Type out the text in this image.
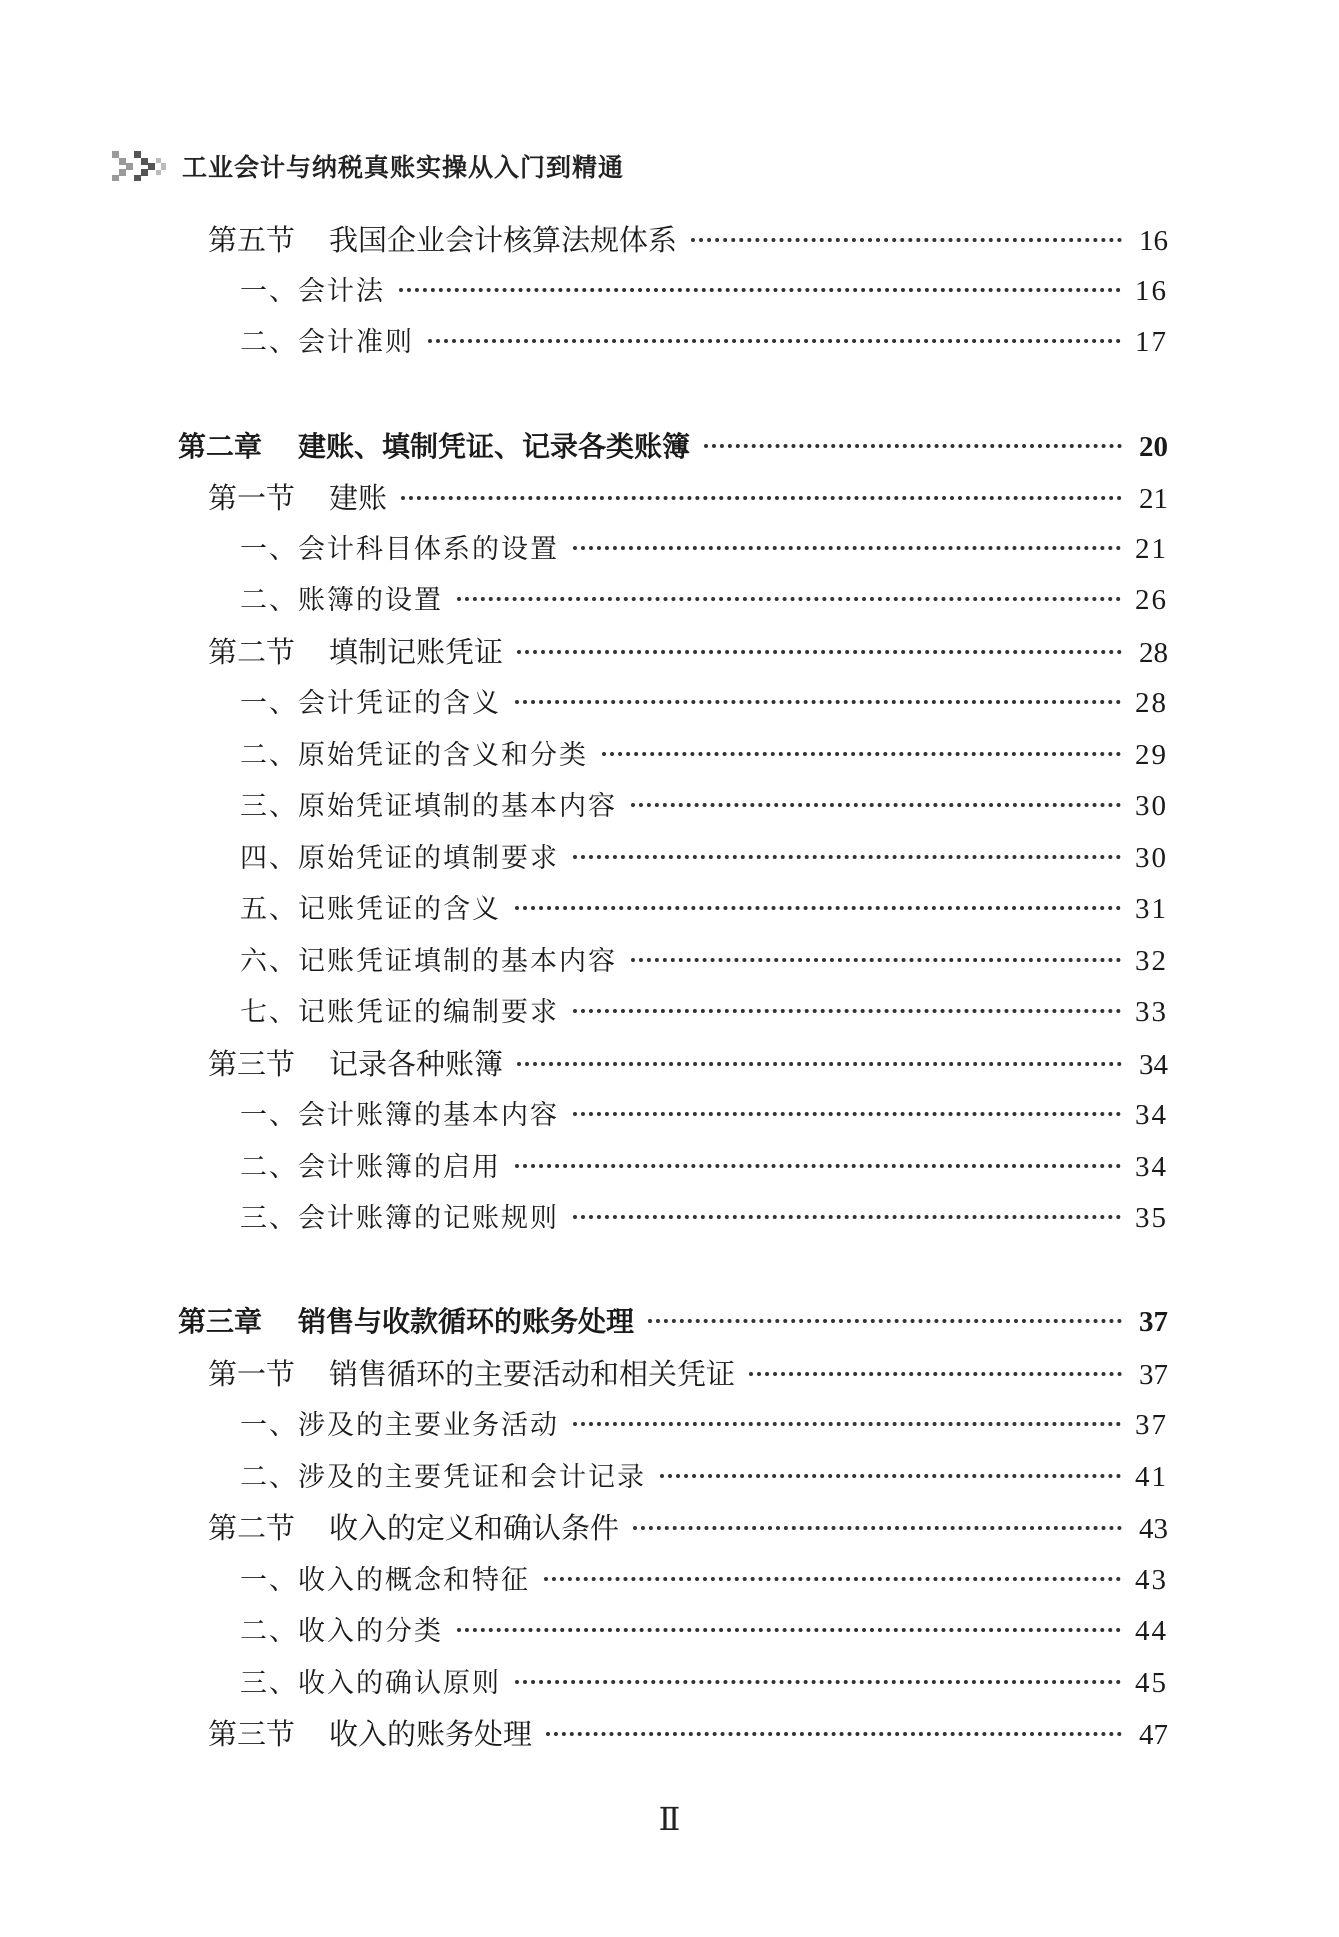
工业会计与纳税真账实操从入门到精通
第五节 我国企业会计核算法规体系	16
一、 会计法	16
二、 会计准则	17
第二章 建账、填制凭证、记录各类账簿	20
第一节 建账	21
一、 会计科目体系的设置	21
二、 账簿的设置	26
第二节 填制记账凭证	28
一、 会计凭证的含义	28
二、 原始凭证的含义和分类	29
三、 原始凭证填制的基本内容	30
四、 原始凭证的填制要求	30
五、 记账凭证的含义	31
六、 记账凭证填制的基本内容	32
七、 记账凭证的编制要求	33
第三节 记录各种账簿	34
一、 会计账簿的基本内容	34
二、 会计账簿的启用	34
三、 会计账簿的记账规则	35
第三章 销售与收款循环的账务处理	37
第一节 销售循环的主要活动和相关凭证	37
一、 涉及的主要业务活动	37
二、 涉及的主要凭证和会计记录	41
第二节 收入的定义和确认条件	43
一、 收入的概念和特征	43
二、 收入的分类	44
三、 收入的确认原则	45
第三节 收入的账务处理	47
Ⅱ
